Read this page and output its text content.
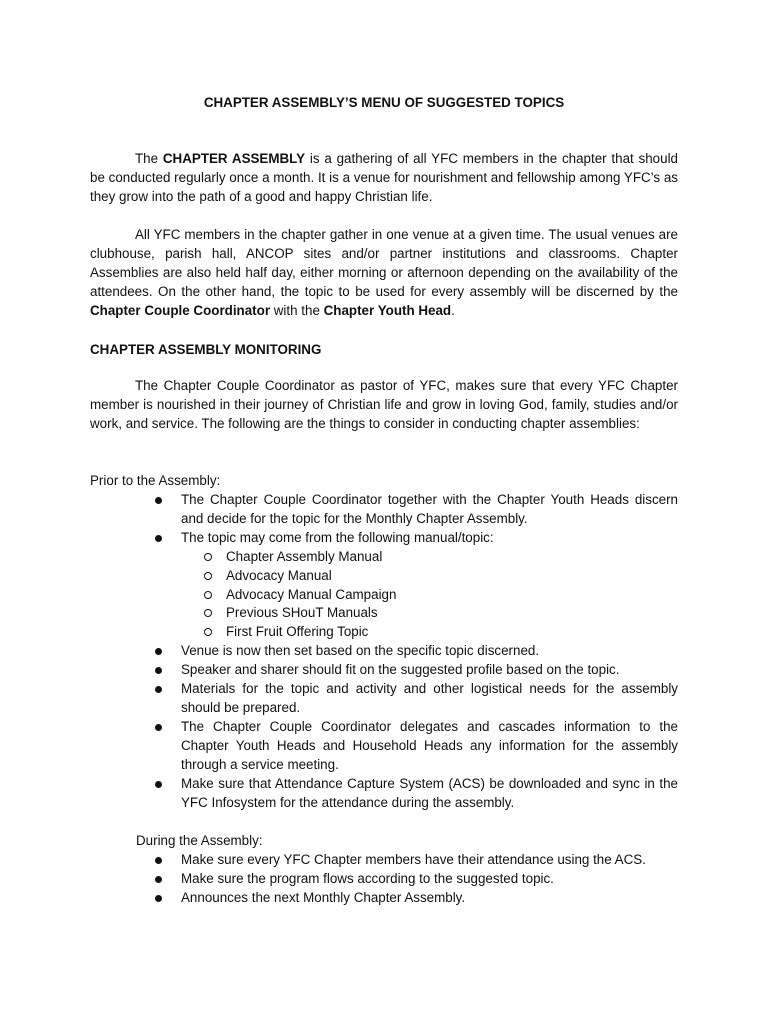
CHAPTER ASSEMBLY’S MENU OF SUGGESTED TOPICS
The CHAPTER ASSEMBLY is a gathering of all YFC members in the chapter that should be conducted regularly once a month. It is a venue for nourishment and fellowship among YFC’s as they grow into the path of a good and happy Christian life.
All YFC members in the chapter gather in one venue at a given time. The usual venues are clubhouse, parish hall, ANCOP sites and/or partner institutions and classrooms. Chapter Assemblies are also held half day, either morning or afternoon depending on the availability of the attendees. On the other hand, the topic to be used for every assembly will be discerned by the Chapter Couple Coordinator with the Chapter Youth Head.
CHAPTER ASSEMBLY MONITORING
The Chapter Couple Coordinator as pastor of YFC, makes sure that every YFC Chapter member is nourished in their journey of Christian life and grow in loving God, family, studies and/or work, and service. The following are the things to consider in conducting chapter assemblies:
Prior to the Assembly:
The Chapter Couple Coordinator together with the Chapter Youth Heads discern and decide for the topic for the Monthly Chapter Assembly.
The topic may come from the following manual/topic:
Chapter Assembly Manual
Advocacy Manual
Advocacy Manual Campaign
Previous SHouT Manuals
First Fruit Offering Topic
Venue is now then set based on the specific topic discerned.
Speaker and sharer should fit on the suggested profile based on the topic.
Materials for the topic and activity and other logistical needs for the assembly should be prepared.
The Chapter Couple Coordinator delegates and cascades information to the Chapter Youth Heads and Household Heads any information for the assembly through a service meeting.
Make sure that Attendance Capture System (ACS) be downloaded and sync in the YFC Infosystem for the attendance during the assembly.
During the Assembly:
Make sure every YFC Chapter members have their attendance using the ACS.
Make sure the program flows according to the suggested topic.
Announces the next Monthly Chapter Assembly.
